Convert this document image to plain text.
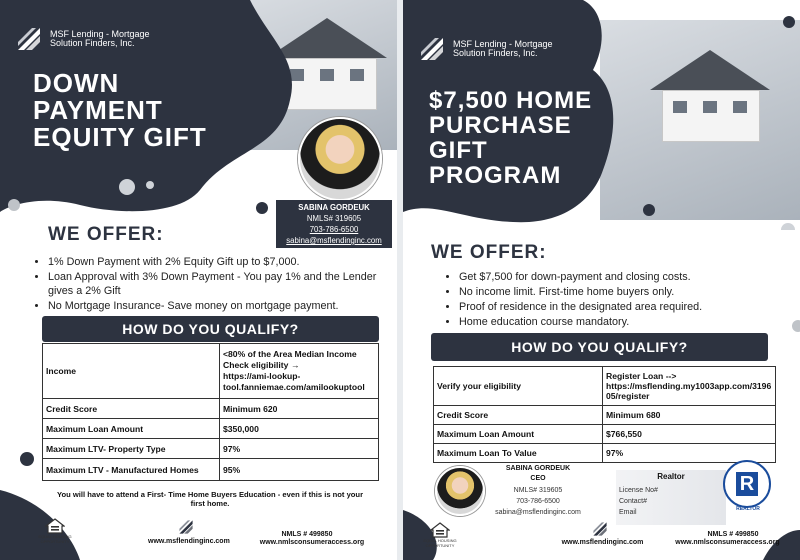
MSF Lending - Mortgage
Solution Finders, Inc.
DOWN
PAYMENT
EQUITY GIFT
SABINA GORDEUK
NMLS# 319605
703-786-6500
sabina@msflendinginc.com
WE OFFER:
• 1% Down Payment with 2% Equity Gift up to $7,000.
• Loan Approval with 3% Down Payment - You pay 1% and the Lender gives a 2% Gift
• No Mortgage Insurance- Save money on mortgage payment.
HOW DO YOU QUALIFY?
Income	<80% of the Area Median Income
Check eligibility →
https://ami-lookup-tool.fanniemae.com/amilookuptool
Credit Score	Minimum 620
Maximum Loan Amount	$350,000
Maximum LTV- Property Type	97%
Maximum LTV - Manufactured Homes	95%
You will have to attend a First- Time Home Buyers Education - even if this is not your first home.
EQUAL HOUSING OPPORTUNITY	www.msflendinginc.com
NMLS # 499850
www.nmlsconsumeraccess.org
MSF Lending - Mortgage
Solution Finders, Inc.
$7,500 HOME
PURCHASE
GIFT
PROGRAM
WE OFFER:
• Get $7,500 for down-payment and closing costs.
• No income limit. First-time home buyers only.
• Proof of residence in the designated area required.
• Home education course mandatory.
HOW DO YOU QUALIFY?
Verify your eligibility	Register Loan -->
https://msflending.my1003app.com/319605/register
Credit Score	Minimum 680
Maximum Loan Amount	$766,550
Maximum Loan To Value	97%
SABINA GORDEUK
CEO
NMLS# 319605
703-786-6500
sabina@msflendinginc.com
Realtor
License No#
Contact#
Email
R
REALTOR
EQUAL HOUSING OPPORTUNITY	www.msflendinginc.com
NMLS # 499850
www.nmlsconsumeraccess.org
